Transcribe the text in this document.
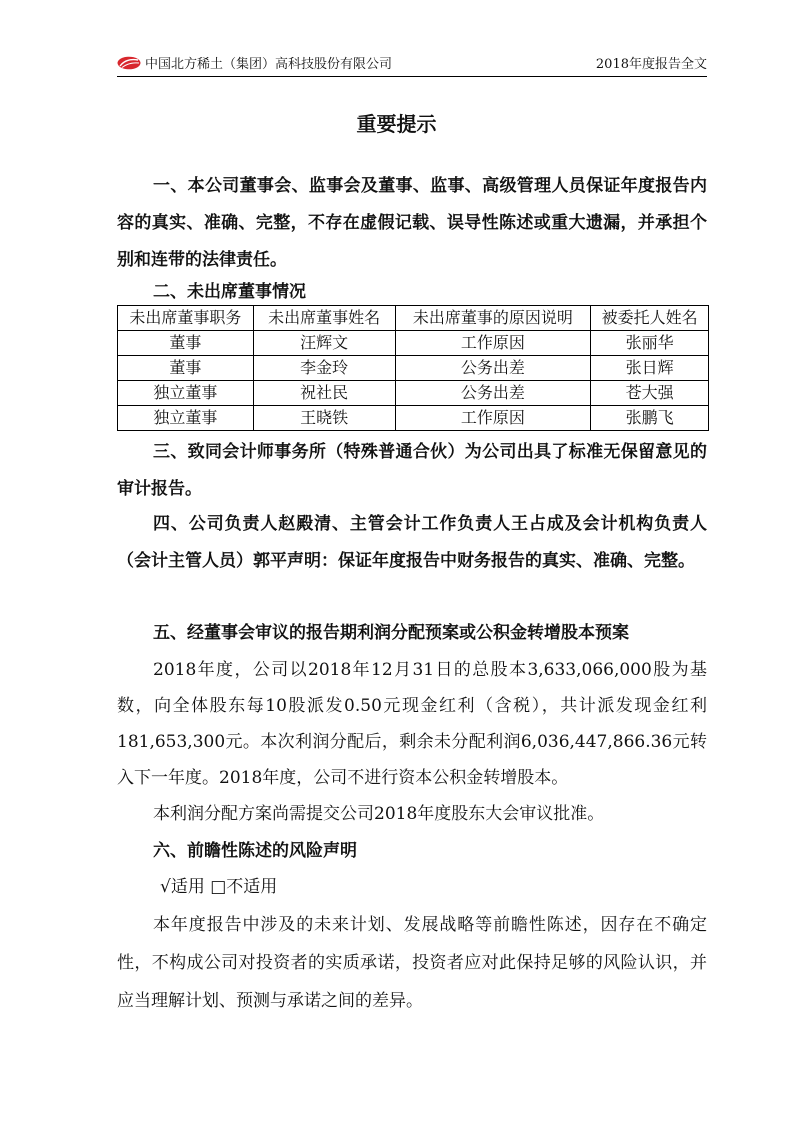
中国北方稀土（集团）高科技股份有限公司	2018年度报告全文
重要提示

一、本公司董事会、监事会及董事、监事、高级管理人员保证年度报告内容的真实、准确、完整，不存在虚假记载、误导性陈述或重大遗漏，并承担个别和连带的法律责任。

二、未出席董事情况

未出席董事职务	未出席董事姓名	未出席董事的原因说明	被委托人姓名
董事	汪辉文	工作原因	张丽华
董事	李金玲	公务出差	张日辉
独立董事	祝社民	公务出差	苍大强
独立董事	王晓铁	工作原因	张鹏飞

三、致同会计师事务所（特殊普通合伙）为公司出具了标准无保留意见的审计报告。

四、公司负责人赵殿清、主管会计工作负责人王占成及会计机构负责人（会计主管人员）郭平声明：保证年度报告中财务报告的真实、准确、完整。

五、经董事会审议的报告期利润分配预案或公积金转增股本预案

2018年度，公司以2018年12月31日的总股本3,633,066,000股为基数，向全体股东每10股派发0.50元现金红利（含税），共计派发现金红利181,653,300元。本次利润分配后，剩余未分配利润6,036,447,866.36元转入下一年度。2018年度，公司不进行资本公积金转增股本。

本利润分配方案尚需提交公司2018年度股东大会审议批准。

六、前瞻性陈述的风险声明

√适用 □不适用

本年度报告中涉及的未来计划、发展战略等前瞻性陈述，因存在不确定性，不构成公司对投资者的实质承诺，投资者应对此保持足够的风险认识，并应当理解计划、预测与承诺之间的差异。
